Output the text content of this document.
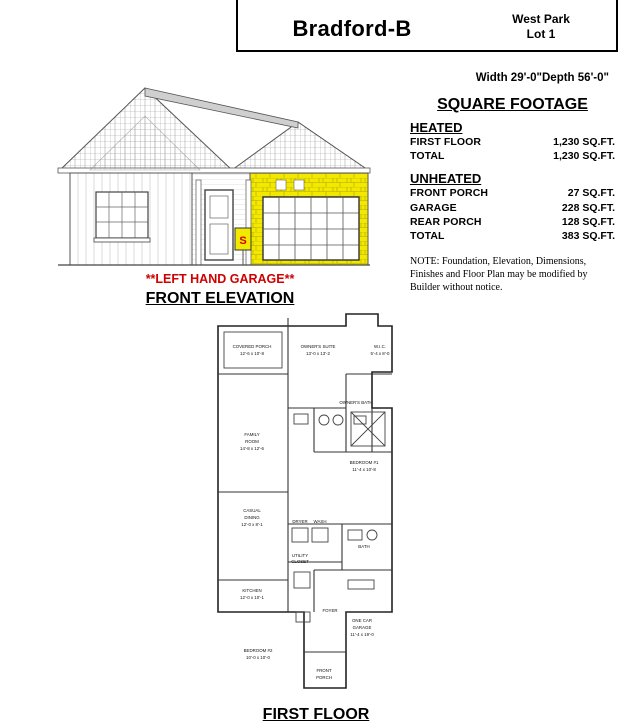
Bradford-B	West Park
Lot 1
S
**LEFT HAND GARAGE**
FRONT ELEVATION
Width 29'-0"Depth 56'-0"
SQUARE FOOTAGE
HEATED
FIRST FLOOR	1,230 SQ.FT.
TOTAL	1,230 SQ.FT.
UNHEATED
FRONT PORCH	27 SQ.FT.
GARAGE	228 SQ.FT.
REAR PORCH	128 SQ.FT.
TOTAL	383 SQ.FT.
NOTE: Foundation, Elevation, Dimensions, Finishes and Floor Plan may be modified by Builder without notice.
COVERED PORCH
12'-6 x 10'-8
OWNER'S SUITE
13'-0 x 13'-2
W.I.C.
5'-4 x 8'-0
OWNER'S BATH
FAMILY
ROOM
14'-8 x 12'-6
BEDROOM #1
11'-4 x 10'-8
CASUAL
DINING
12'-0 x 8'-1
DRYER WASH
BATH
UTILITY
CLOSET
KITCHEN
12'-0 x 10'-1
FOYER
ONE CAR
GARAGE
11'-4 x 19'-0
BEDROOM #2
10'-0 x 10'-0
FRONT
PORCH
FIRST FLOOR
